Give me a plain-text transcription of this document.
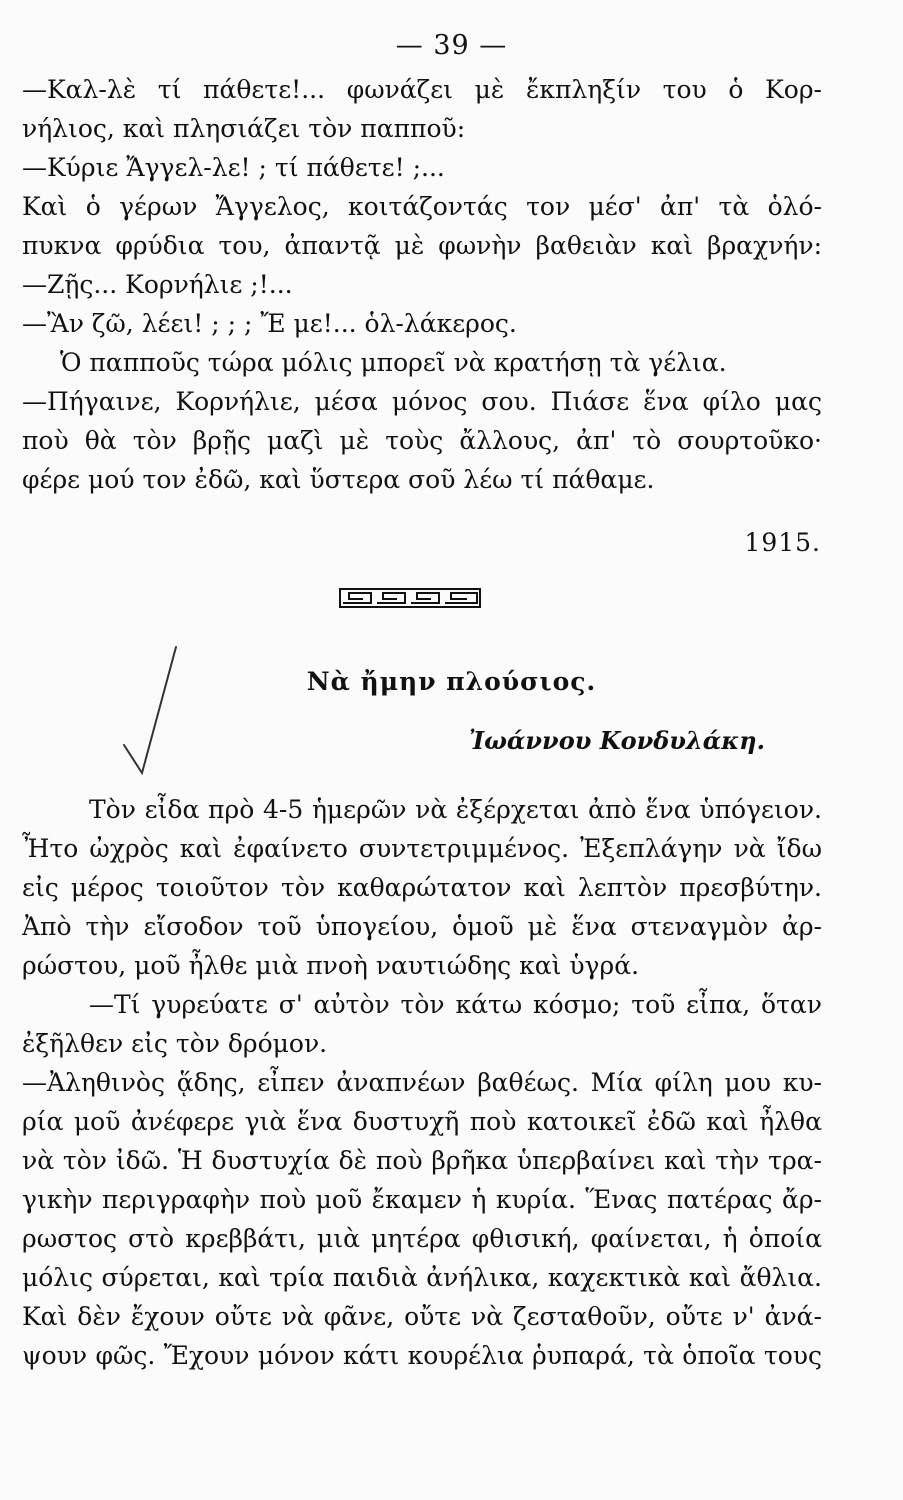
— 39 —
—Καλ-λὲ τί πάθετε!... φωνάζει μὲ ἔκπληξίν του ὁ Κορ-
νήλιος, καὶ πλησιάζει τὸν παπποῦ:
—Κύριε Ἄγγελ-λε! ; τί πάθετε! ;...
Καὶ ὁ γέρων Ἄγγελος, κοιτάζοντάς τον μέσ' ἀπ' τὰ ὁλό-
πυκνα φρύδια του, ἀπαντᾷ μὲ φωνὴν βαθειὰν καὶ βραχνήν:
—Ζῇς... Κορνήλιε ;!...
—Ἂν ζῶ, λέει! ; ; ; Ἔ με!... ὁλ-λάκερος.
Ὁ παπποῦς τώρα μόλις μπορεῖ νὰ κρατήσῃ τὰ γέλια.
—Πήγαινε, Κορνήλιε, μέσα μόνος σου. Πιάσε ἕνα φίλο μας
ποὺ θὰ τὸν βρῇς μαζὶ μὲ τοὺς ἄλλους, ἀπ' τὸ σουρτοῦκο·
φέρε μού τον ἐδῶ, καὶ ὕστερα σοῦ λέω τί πάθαμε.
1915.
Νὰ ἤμην πλούσιος.
Ἰωάννου Κονδυλάκη.
Τὸν εἶδα πρὸ 4-5 ἡμερῶν νὰ ἐξέρχεται ἀπὸ ἕνα ὑπόγειον.
Ἦτο ὠχρὸς καὶ ἐφαίνετο συντετριμμένος. Ἐξεπλάγην νὰ ἴδω
εἰς μέρος τοιοῦτον τὸν καθαρώτατον καὶ λεπτὸν πρεσβύτην.
Ἀπὸ τὴν εἴσοδον τοῦ ὑπογείου, ὁμοῦ μὲ ἕνα στεναγμὸν ἀρ-
ρώστου, μοῦ ἦλθε μιὰ πνοὴ ναυτιώδης καὶ ὑγρά.
—Τί γυρεύατε σ' αὐτὸν τὸν κάτω κόσμο; τοῦ εἶπα, ὅταν
ἐξῆλθεν εἰς τὸν δρόμον.
—Ἀληθινὸς ᾅδης, εἶπεν ἀναπνέων βαθέως. Μία φίλη μου κυ-
ρία μοῦ ἀνέφερε γιὰ ἕνα δυστυχῆ ποὺ κατοικεῖ ἐδῶ καὶ ἦλθα
νὰ τὸν ἰδῶ. Ἡ δυστυχία δὲ ποὺ βρῆκα ὑπερβαίνει καὶ τὴν τρα-
γικὴν περιγραφὴν ποὺ μοῦ ἔκαμεν ἡ κυρία. Ἕνας πατέρας ἄρ-
ρωστος στὸ κρεββάτι, μιὰ μητέρα φθισική, φαίνεται, ἡ ὁποία
μόλις σύρεται, καὶ τρία παιδιὰ ἀνήλικα, καχεκτικὰ καὶ ἄθλια.
Καὶ δὲν ἔχουν οὔτε νὰ φᾶνε, οὔτε νὰ ζεσταθοῦν, οὔτε ν' ἀνά-
ψουν φῶς. Ἔχουν μόνον κάτι κουρέλια ῥυπαρά, τὰ ὁποῖα τους
